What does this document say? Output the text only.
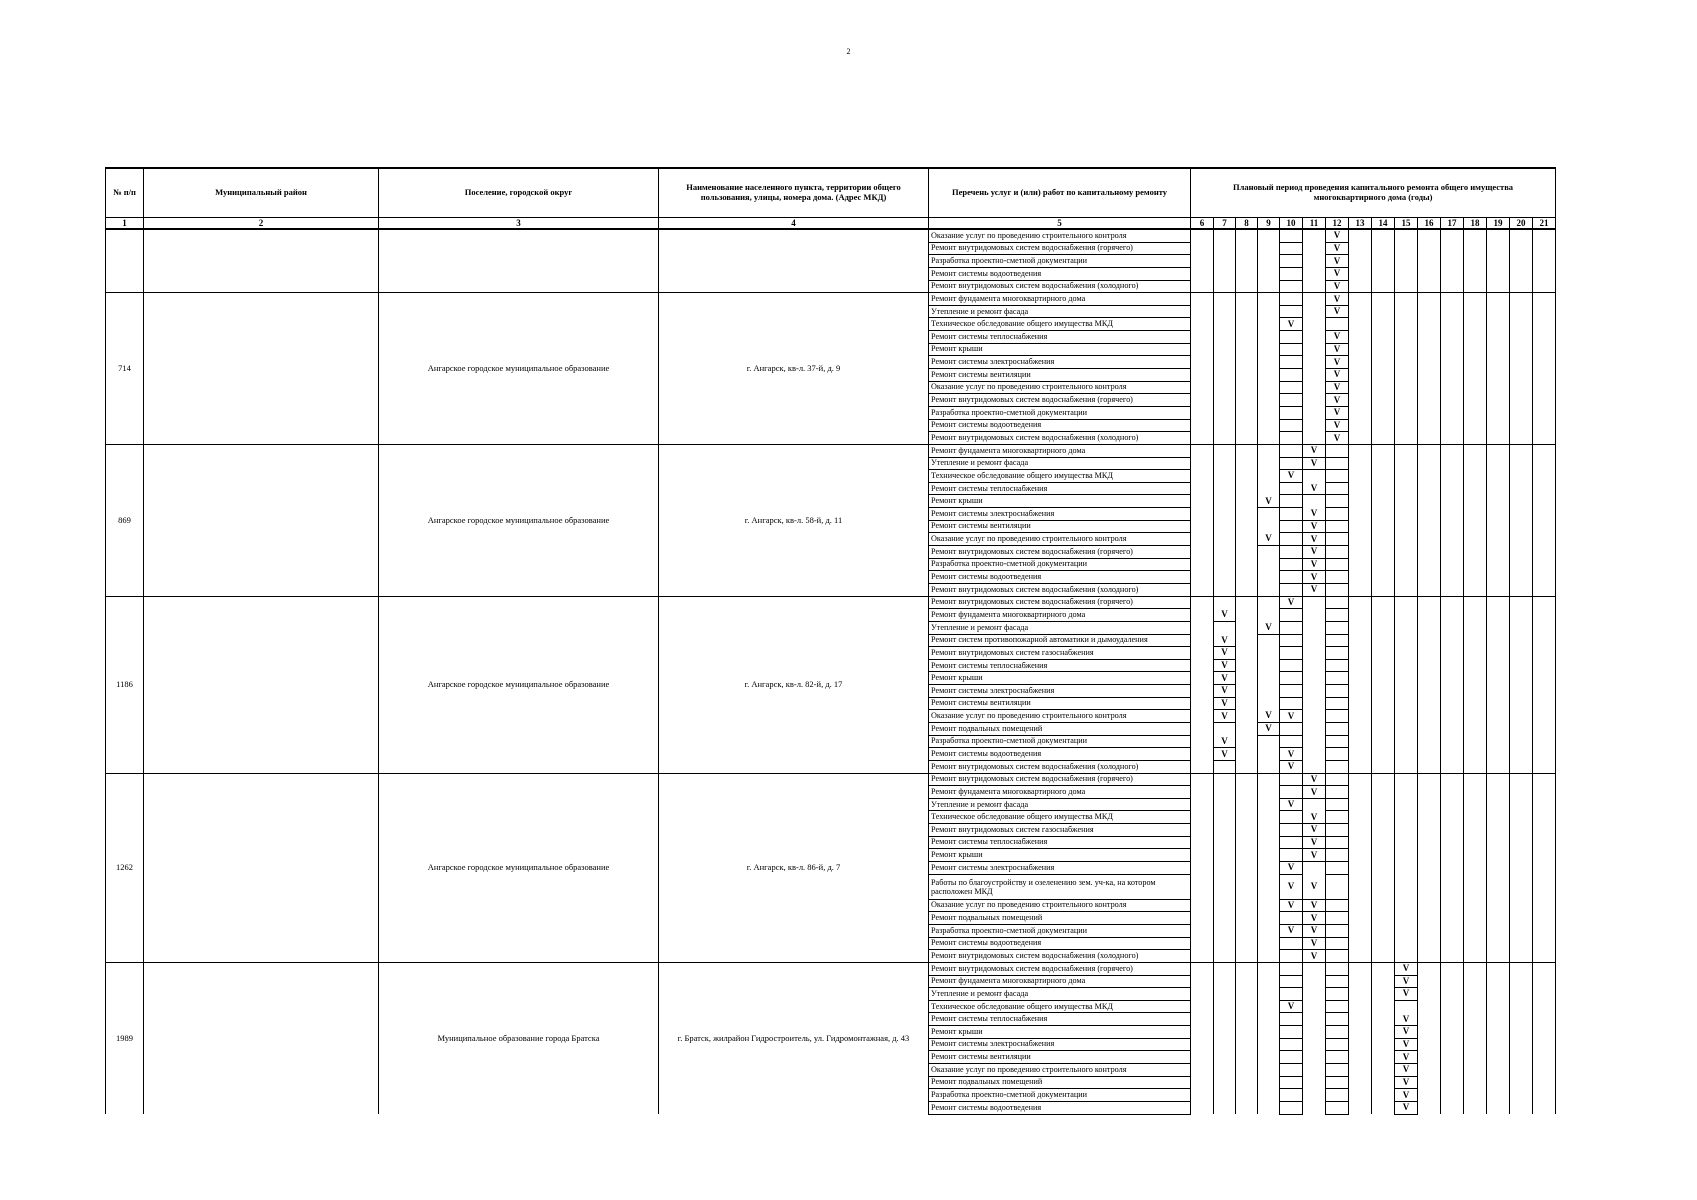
2
№ п/п	Муниципальный район	Поселение, городской округ	Наименование населенного пункта, территории общего пользования, улицы, номера дома. (Адрес МКД)	Перечень услуг и (или) работ по капитальному ремонту	Плановый период проведения капитального ремонта общего имущества многоквартирного дома (годы)															
1	2	3	4	5	6	7	8	9	10	11	12	13	14	15	16	17	18	19	20	21
				Оказание услуг по проведению строительного контроля							V									
				Ремонт внутридомовых систем водоснабжения (горячего)							V									
				Разработка проектно-сметной документации							V									
				Ремонт системы водоотведения							V									
				Ремонт внутридомовых систем водоснабжения (холодного)							V									
714		Ангарское городское муниципальное образование	г. Ангарск, кв-л. 37-й, д. 9	Ремонт фундамента многоквартирного дома							V									
				Утепление и ремонт фасада							V									
				Техническое обследование общего имущества МКД					V											
				Ремонт системы теплоснабжения							V									
				Ремонт крыши							V									
				Ремонт системы электроснабжения							V									
				Ремонт системы вентиляции							V									
				Оказание услуг по проведению строительного контроля							V									
				Ремонт внутридомовых систем водоснабжения (горячего)							V									
				Разработка проектно-сметной документации							V									
				Ремонт системы водоотведения							V									
				Ремонт внутридомовых систем водоснабжения (холодного)							V									
869		Ангарское городское муниципальное образование	г. Ангарск, кв-л. 58-й, д. 11	Ремонт фундамента многоквартирного дома						V										
				Утепление и ремонт фасада						V										
				Техническое обследование общего имущества МКД					V											
				Ремонт системы теплоснабжения						V										
				Ремонт крыши				V												
				Ремонт системы электроснабжения						V										
				Ремонт системы вентиляции						V										
				Оказание услуг по проведению строительного контроля				V		V										
				Ремонт внутридомовых систем водоснабжения (горячего)						V										
				Разработка проектно-сметной документации						V										
				Ремонт системы водоотведения						V										
				Ремонт внутридомовых систем водоснабжения (холодного)						V										
1186		Ангарское городское муниципальное образование	г. Ангарск, кв-л. 82-й, д. 17	Ремонт внутридомовых систем водоснабжения (горячего)					V											
				Ремонт фундамента многоквартирного дома		V														
				Утепление и ремонт фасада				V												
				Ремонт систем противопожарной автоматики и дымоудаления		V														
				Ремонт внутридомовых систем газоснабжения		V														
				Ремонт системы теплоснабжения		V														
				Ремонт крыши		V														
				Ремонт системы электроснабжения		V														
				Ремонт системы вентиляции		V														
				Оказание услуг по проведению строительного контроля		V		V	V											
				Ремонт подвальных помещений				V												
				Разработка проектно-сметной документации		V														
				Ремонт системы водоотведения		V			V											
				Ремонт внутридомовых систем водоснабжения (холодного)					V											
1262		Ангарское городское муниципальное образование	г. Ангарск, кв-л. 86-й, д. 7	Ремонт внутридомовых систем водоснабжения (горячего)						V										
				Ремонт фундамента многоквартирного дома						V										
				Утепление и ремонт фасада					V											
				Техническое обследование общего имущества МКД						V										
				Ремонт внутридомовых систем газоснабжения						V										
				Ремонт системы теплоснабжения						V										
				Ремонт крыши						V										
				Ремонт системы электроснабжения					V											
				Работы по благоустройству и озеленению зем. уч-ка, на котором расположен МКД					V	V										
				Оказание услуг по проведению строительного контроля					V	V										
				Ремонт подвальных помещений						V										
				Разработка проектно-сметной документации					V	V										
				Ремонт системы водоотведения						V										
				Ремонт внутридомовых систем водоснабжения (холодного)						V										
1989		Муниципальное образование города Братска	г. Братск, жилрайон Гидростроитель, ул. Гидромонтажная, д. 43	Ремонт внутридомовых систем водоснабжения (горячего)										V						
				Ремонт фундамента многоквартирного дома										V						
				Утепление и ремонт фасада										V						
				Техническое обследование общего имущества МКД					V											
				Ремонт системы теплоснабжения										V						
				Ремонт крыши										V						
				Ремонт системы электроснабжения										V						
				Ремонт системы вентиляции										V						
				Оказание услуг по проведению строительного контроля										V						
				Ремонт подвальных помещений										V						
				Разработка проектно-сметной документации										V						
				Ремонт системы водоотведения										V						
